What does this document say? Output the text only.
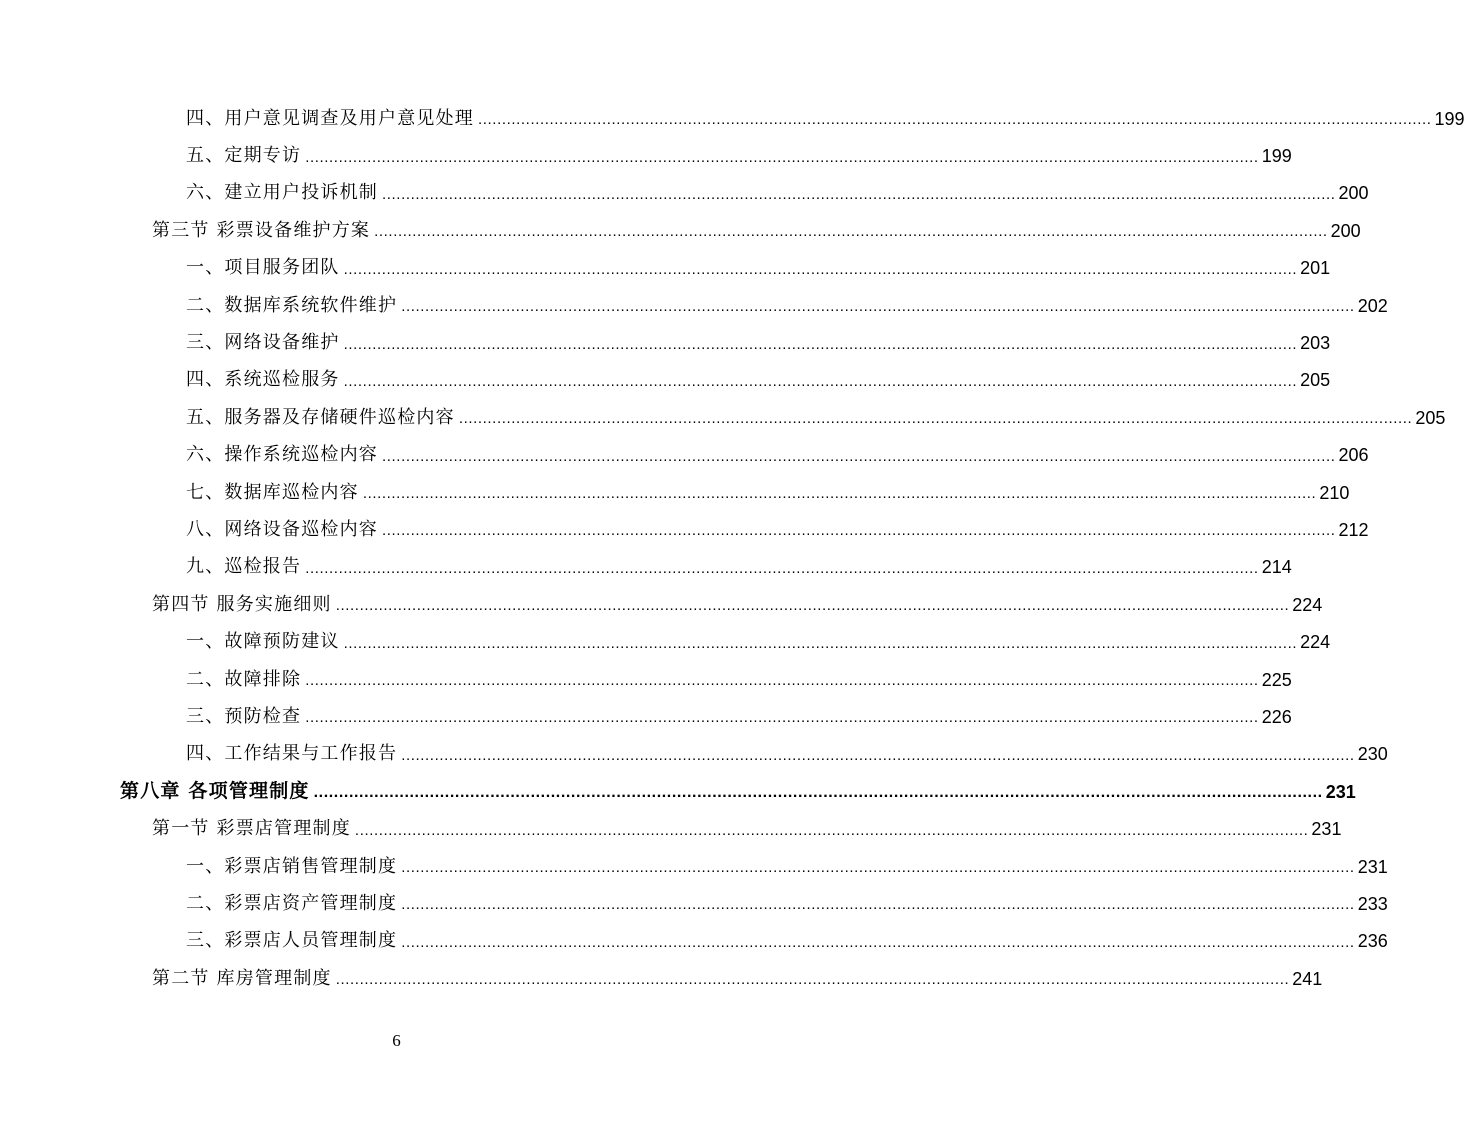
四、用户意见调查及用户意见处理 ........................................................................................................................................................................................................ 199
五、定期专访 ........................................................................................................................................................................................................ 199
六、建立用户投诉机制 ........................................................................................................................................................................................................ 200
第三节 彩票设备维护方案 ........................................................................................................................................................................................................ 200
一、项目服务团队 ........................................................................................................................................................................................................ 201
二、数据库系统软件维护 ........................................................................................................................................................................................................ 202
三、网络设备维护 ........................................................................................................................................................................................................ 203
四、系统巡检服务 ........................................................................................................................................................................................................ 205
五、服务器及存储硬件巡检内容 ........................................................................................................................................................................................................ 205
六、操作系统巡检内容 ........................................................................................................................................................................................................ 206
七、数据库巡检内容 ........................................................................................................................................................................................................ 210
八、网络设备巡检内容 ........................................................................................................................................................................................................ 212
九、巡检报告 ........................................................................................................................................................................................................ 214
第四节 服务实施细则 ........................................................................................................................................................................................................ 224
一、故障预防建议 ........................................................................................................................................................................................................ 224
二、故障排除 ........................................................................................................................................................................................................ 225
三、预防检查 ........................................................................................................................................................................................................ 226
四、工作结果与工作报告 ........................................................................................................................................................................................................ 230
第八章 各项管理制度 ........................................................................................................................................................................................................ 231
第一节 彩票店管理制度 ........................................................................................................................................................................................................ 231
一、彩票店销售管理制度 ........................................................................................................................................................................................................ 231
二、彩票店资产管理制度 ........................................................................................................................................................................................................ 233
三、彩票店人员管理制度 ........................................................................................................................................................................................................ 236
第二节 库房管理制度 ........................................................................................................................................................................................................ 241
6
